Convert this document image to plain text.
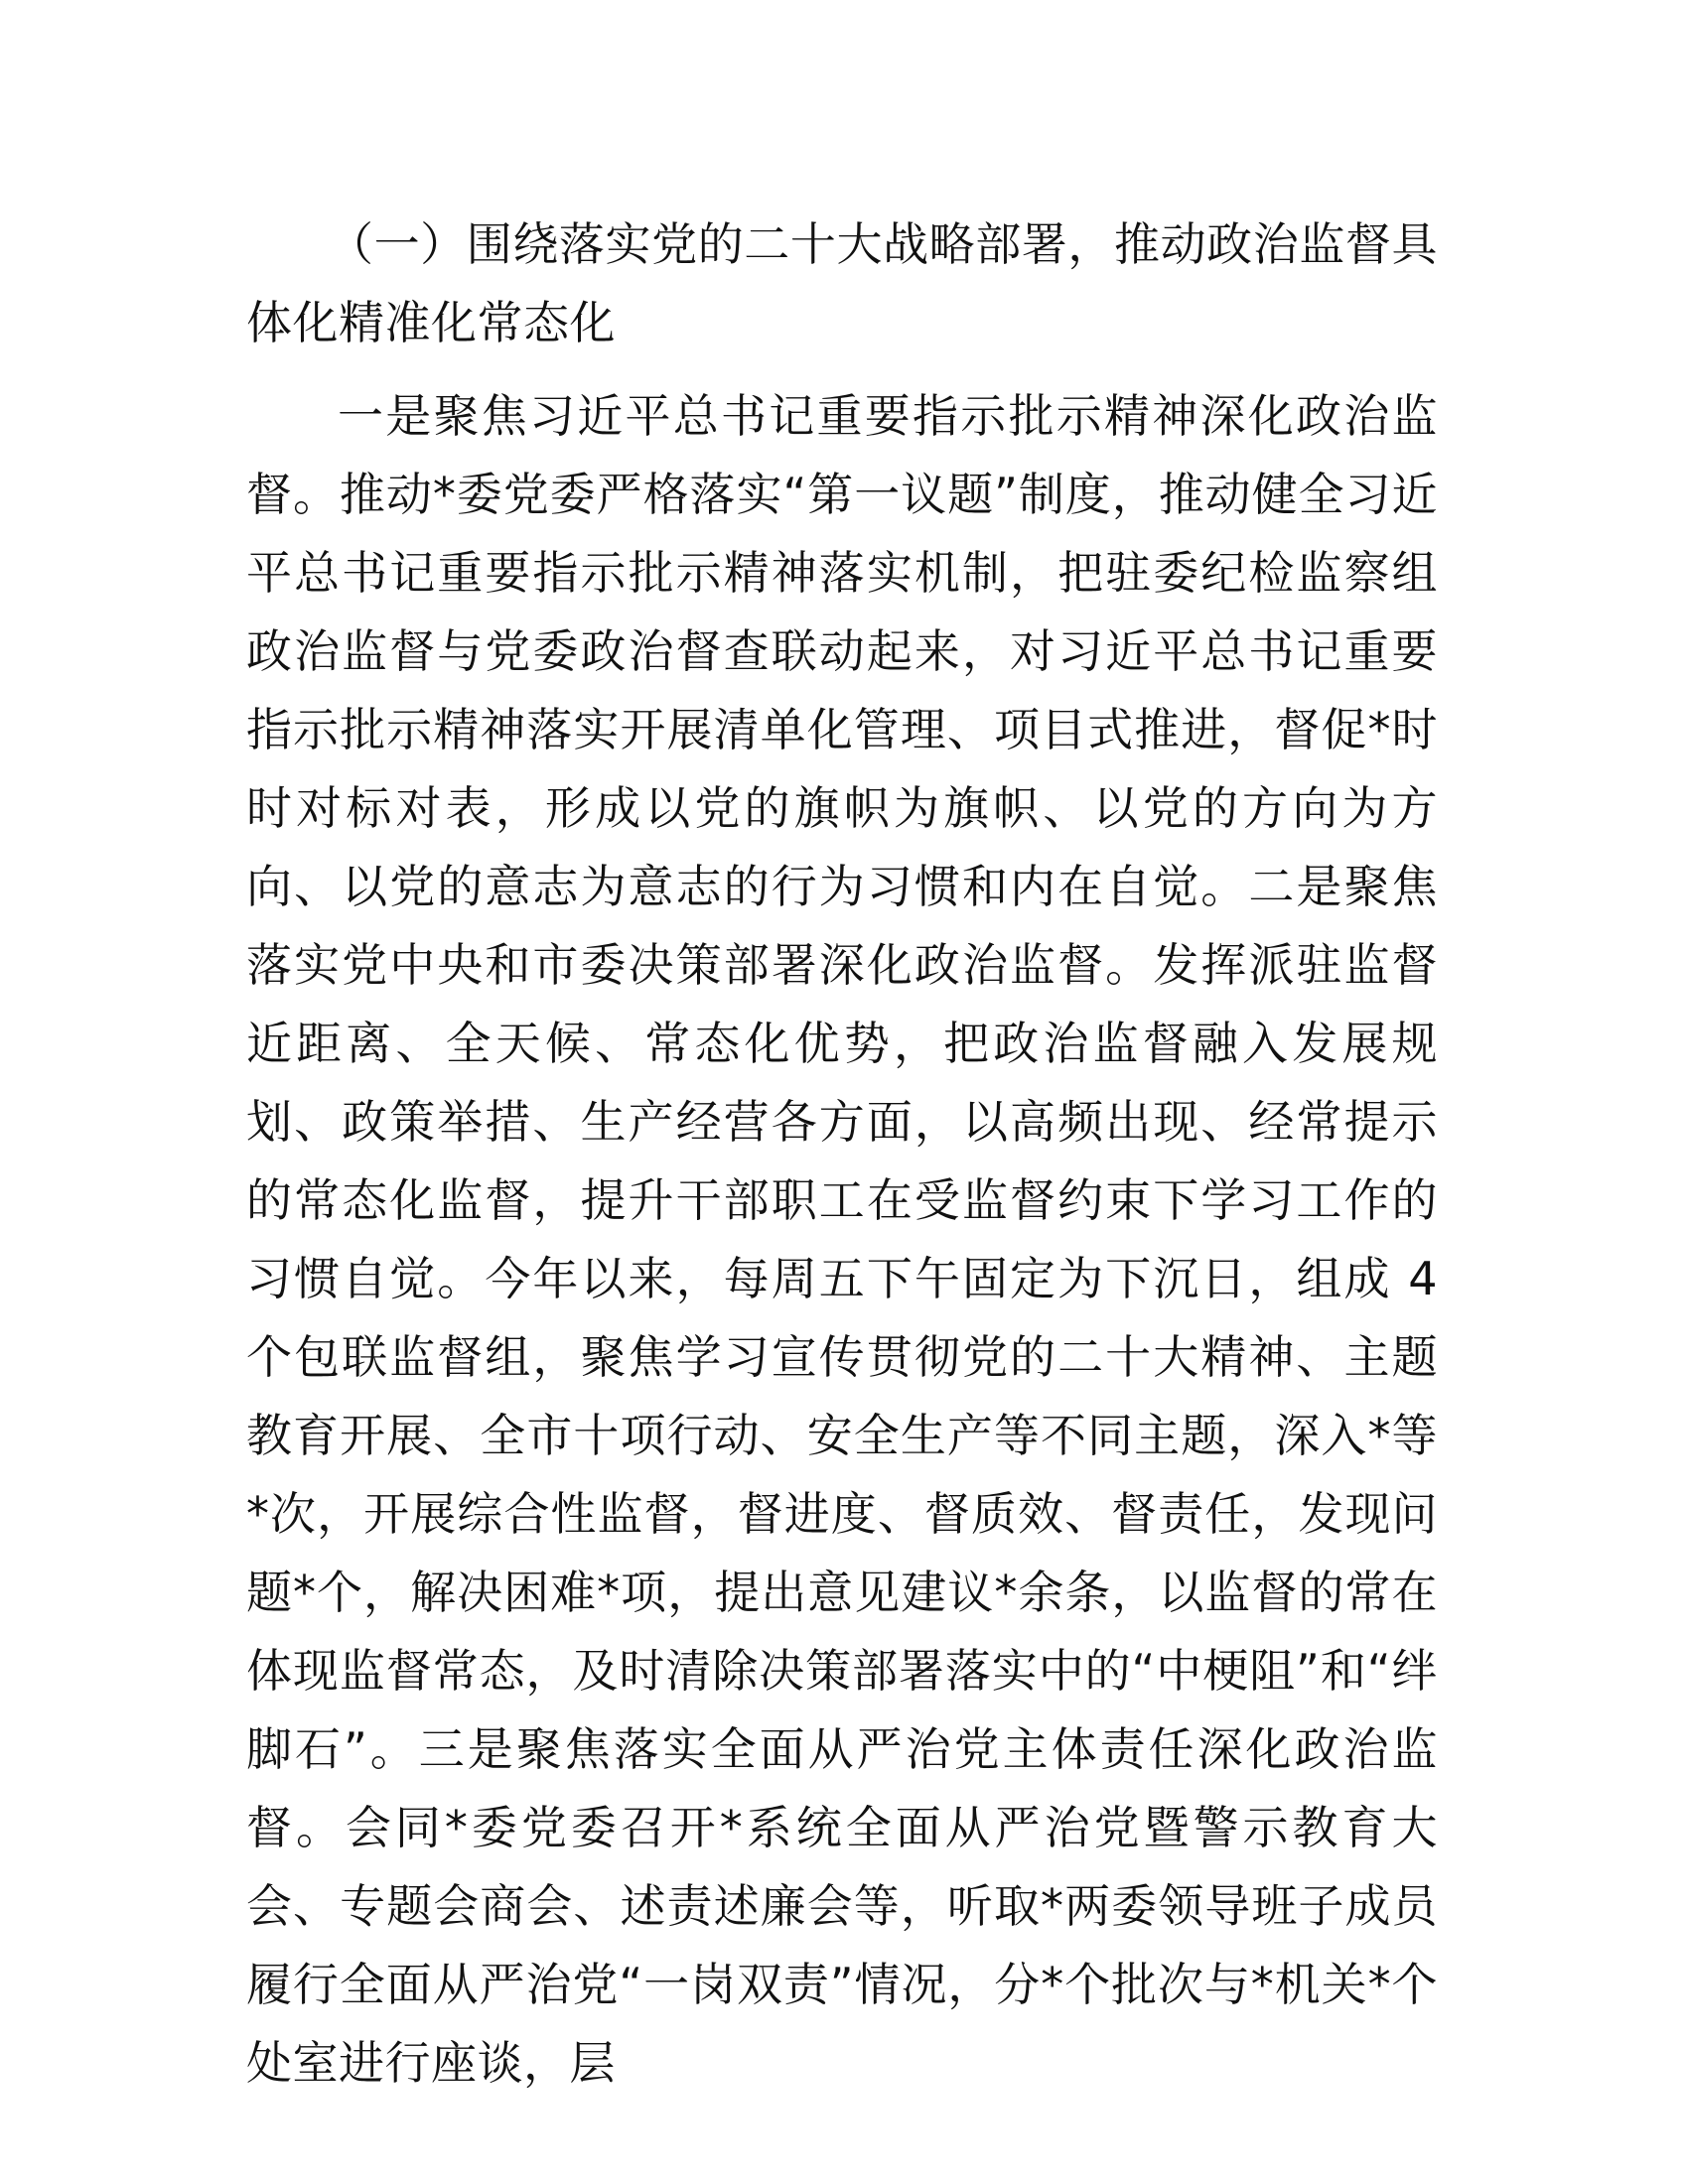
（一）围绕落实党的二十大战略部署，推动政治监督具体化精准化常态化

一是聚焦习近平总书记重要指示批示精神深化政治监督。推动*委党委严格落实“第一议题”制度，推动健全习近平总书记重要指示批示精神落实机制，把驻委纪检监察组政治监督与党委政治督查联动起来，对习近平总书记重要指示批示精神落实开展清单化管理、项目式推进，督促*时时对标对表，形成以党的旗帜为旗帜、以党的方向为方向、以党的意志为意志的行为习惯和内在自觉。二是聚焦落实党中央和市委决策部署深化政治监督。发挥派驻监督近距离、全天候、常态化优势，把政治监督融入发展规划、政策举措、生产经营各方面，以高频出现、经常提示的常态化监督，提升干部职工在受监督约束下学习工作的习惯自觉。今年以来，每周五下午固定为下沉日，组成 4 个包联监督组，聚焦学习宣传贯彻党的二十大精神、主题教育开展、全市十项行动、安全生产等不同主题，深入*等*次，开展综合性监督，督进度、督质效、督责任，发现问题*个，解决困难*项，提出意见建议*余条，以监督的常在体现监督常态，及时清除决策部署落实中的“中梗阻”和“绊脚石”。三是聚焦落实全面从严治党主体责任深化政治监督。会同*委党委召开*系统全面从严治党暨警示教育大会、专题会商会、述责述廉会等，听取*两委领导班子成员履行全面从严治党“一岗双责”情况，分*个批次与*机关*个处室进行座谈，层
